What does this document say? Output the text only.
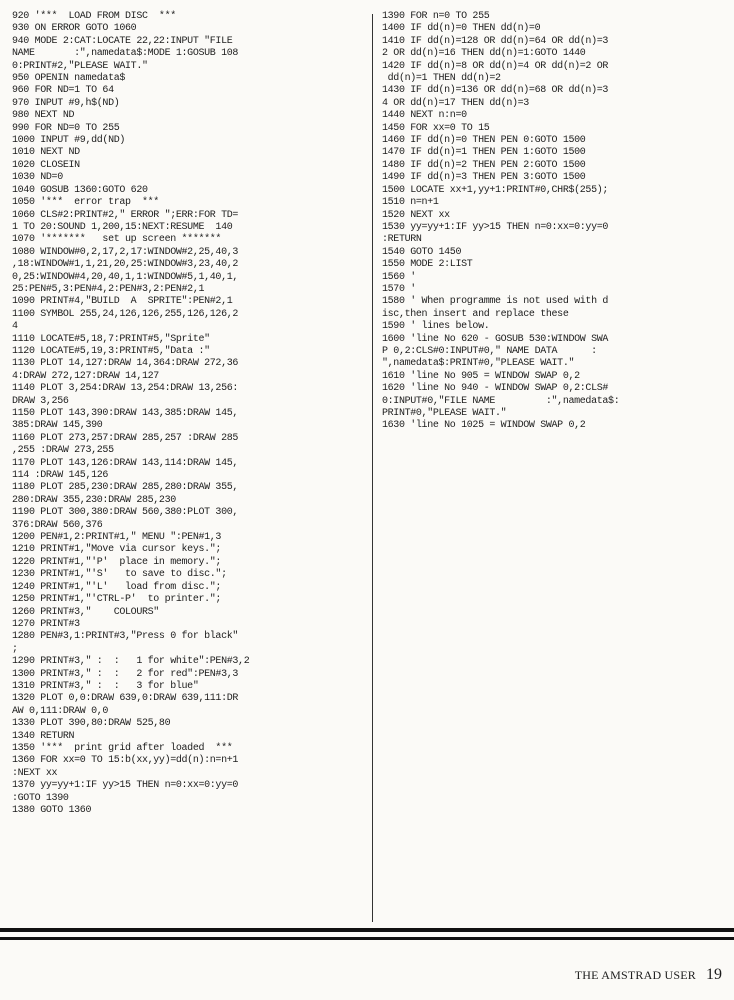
920 '***  LOAD FROM DISC  ***
930 ON ERROR GOTO 1060
940 MODE 2:CAT:LOCATE 22,22:INPUT "FILE
NAME       :",namedata$:MODE 1:GOSUB 108
0:PRINT#2,"PLEASE WAIT."
950 OPENIN namedata$
960 FOR ND=1 TO 64
970 INPUT #9,h$(ND)
980 NEXT ND
990 FOR ND=0 TO 255
1000 INPUT #9,dd(ND)
1010 NEXT ND
1020 CLOSEIN
1030 ND=0
1040 GOSUB 1360:GOTO 620
1050 '***  error trap  ***
1060 CLS#2:PRINT#2," ERROR ";ERR:FOR TD=
1 TO 20:SOUND 1,200,15:NEXT:RESUME  140
1070 '*******   set up screen *******
1080 WINDOW#0,2,17,2,17:WINDOW#2,25,40,3
,18:WINDOW#1,1,21,20,25:WINDOW#3,23,40,2
0,25:WINDOW#4,20,40,1,1:WINDOW#5,1,40,1,
25:PEN#5,3:PEN#4,2:PEN#3,2:PEN#2,1
1090 PRINT#4,"BUILD  A  SPRITE":PEN#2,1
1100 SYMBOL 255,24,126,126,255,126,126,2
4
1110 LOCATE#5,18,7:PRINT#5,"Sprite"
1120 LOCATE#5,19,3:PRINT#5,"Data :"
1130 PLOT 14,127:DRAW 14,364:DRAW 272,36
4:DRAW 272,127:DRAW 14,127
1140 PLOT 3,254:DRAW 13,254:DRAW 13,256:
DRAW 3,256
1150 PLOT 143,390:DRAW 143,385:DRAW 145,
385:DRAW 145,390
1160 PLOT 273,257:DRAW 285,257 :DRAW 285
,255 :DRAW 273,255
1170 PLOT 143,126:DRAW 143,114:DRAW 145,
114 :DRAW 145,126
1180 PLOT 285,230:DRAW 285,280:DRAW 355,
280:DRAW 355,230:DRAW 285,230
1190 PLOT 300,380:DRAW 560,380:PLOT 300,
376:DRAW 560,376
1200 PEN#1,2:PRINT#1," MENU ":PEN#1,3
1210 PRINT#1,"Move via cursor keys.";
1220 PRINT#1,"'P'  place in memory.";
1230 PRINT#1,"'S'   to save to disc.";
1240 PRINT#1,"'L'   load from disc.";
1250 PRINT#1,"'CTRL-P'  to printer.";
1260 PRINT#3,"    COLOURS"
1270 PRINT#3
1280 PEN#3,1:PRINT#3,"Press 0 for black"
;
1290 PRINT#3," :  :   1 for white":PEN#3,2
1300 PRINT#3," :  :   2 for red":PEN#3,3
1310 PRINT#3," :  :   3 for blue"
1320 PLOT 0,0:DRAW 639,0:DRAW 639,111:DR
AW 0,111:DRAW 0,0
1330 PLOT 390,80:DRAW 525,80
1340 RETURN
1350 '***  print grid after loaded  ***
1360 FOR xx=0 TO 15:b(xx,yy)=dd(n):n=n+1
:NEXT xx
1370 yy=yy+1:IF yy>15 THEN n=0:xx=0:yy=0
:GOTO 1390
1380 GOTO 1360
1390 FOR n=0 TO 255
1400 IF dd(n)=0 THEN dd(n)=0
1410 IF dd(n)=128 OR dd(n)=64 OR dd(n)=3
2 OR dd(n)=16 THEN dd(n)=1:GOTO 1440
1420 IF dd(n)=8 OR dd(n)=4 OR dd(n)=2 OR
dd(n)=1 THEN dd(n)=2
1430 IF dd(n)=136 OR dd(n)=68 OR dd(n)=3
4 OR dd(n)=17 THEN dd(n)=3
1440 NEXT n:n=0
1450 FOR xx=0 TO 15
1460 IF dd(n)=0 THEN PEN 0:GOTO 1500
1470 IF dd(n)=1 THEN PEN 1:GOTO 1500
1480 IF dd(n)=2 THEN PEN 2:GOTO 1500
1490 IF dd(n)=3 THEN PEN 3:GOTO 1500
1500 LOCATE xx+1,yy+1:PRINT#0,CHR$(255);
1510 n=n+1
1520 NEXT xx
1530 yy=yy+1:IF yy>15 THEN n=0:xx=0:yy=0
:RETURN
1540 GOTO 1450
1550 MODE 2:LIST
1560 '
1570 '
1580 ' When programme is not used with d
isc,then insert and replace these
1590 ' lines below.
1600 'line No 620 - GOSUB 530:WINDOW SWA
P 0,2:CLS#0:INPUT#0," NAME DATA      :
",namedata$:PRINT#0,"PLEASE WAIT."
1610 'line No 905 = WINDOW SWAP 0,2
1620 'line No 940 - WINDOW SWAP 0,2:CLS#
0:INPUT#0,"FILE NAME         :",namedata$:
PRINT#0,"PLEASE WAIT."
1630 'line No 1025 = WINDOW SWAP 0,2
THE AMSTRAD USER 19
